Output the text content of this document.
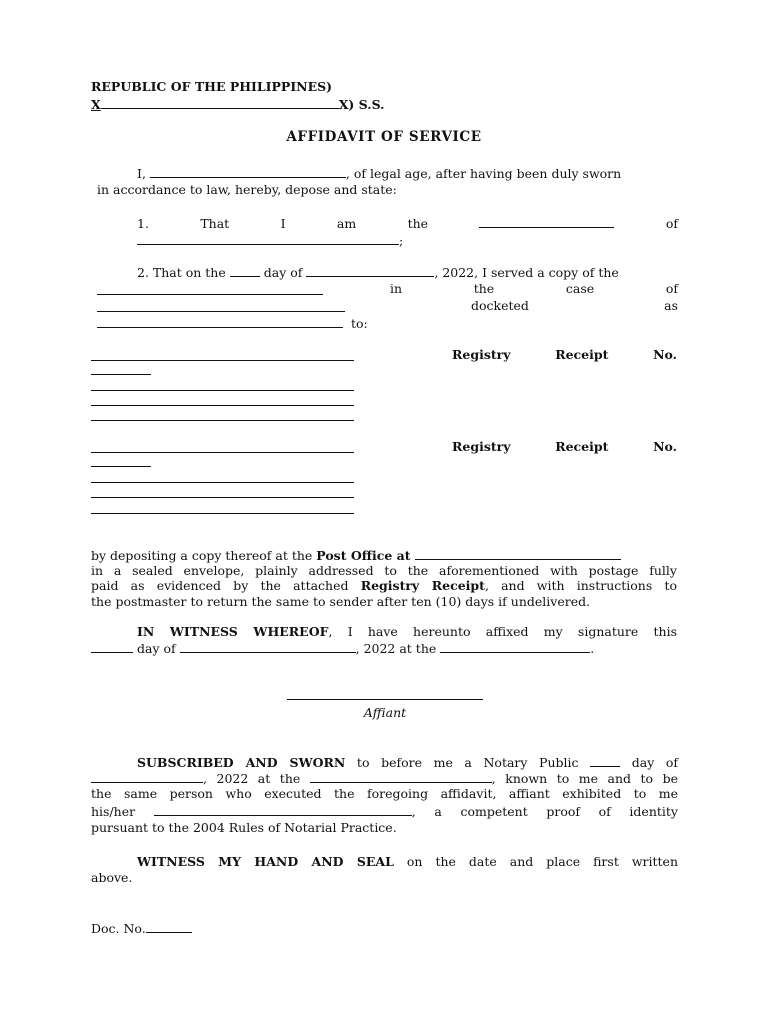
REPUBLIC OF THE PHILIPPINES)
X	X) S.S.
AFFIDAVIT OF SERVICE
I,	, of legal age, after having been duly sworn
in accordance to law, hereby, depose and state:
1.	That	I	am	the	of
;
2. That on the	day of	, 2022, I served a copy of the
in	the	case	of
docketed	as
to:
Registry	Receipt	No.
Registry	Receipt	No.
by depositing a copy thereof at the Post Office at
in a sealed envelope, plainly addressed to the aforementioned with postage fully
paid as evidenced by the attached Registry Receipt, and with instructions to
the postmaster to return the same to sender after ten (10) days if undelivered.
IN WITNESS WHEREOF, I have hereunto affixed my signature this
day of	, 2022 at the	.
Affiant
SUBSCRIBED AND SWORN to before me a Notary Public	day of
, 2022 at the	, known to me and to be
the same person who executed the foregoing affidavit, affiant exhibited to me
his/her	, a competent proof of identity
pursuant to the 2004 Rules of Notarial Practice.
WITNESS MY HAND AND SEAL on the date and place first written
above.
Doc. No.
